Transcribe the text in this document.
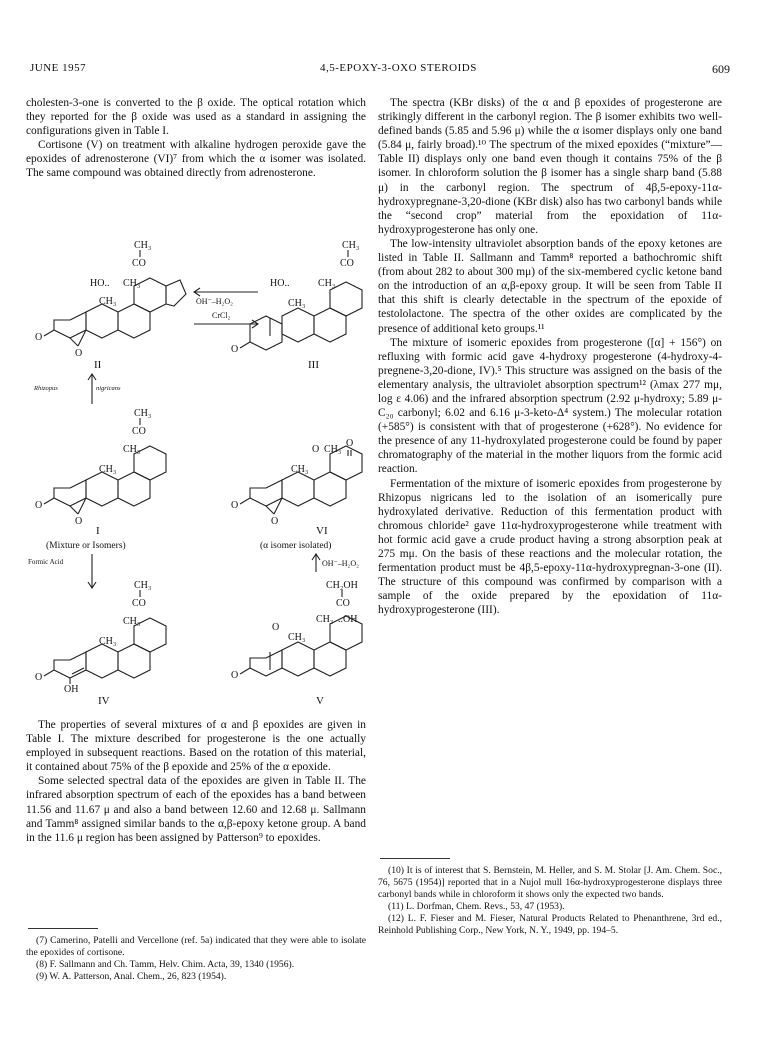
JUNE 1957	4,5-EPOXY-3-OXO STEROIDS	609

cholesten-3-one is converted to the β oxide. The optical rotation which they reported for the β oxide was used as a standard in assigning the configurations given in Table I.

Cortisone (V) on treatment with alkaline hydrogen peroxide gave the epoxides of adrenosterone (VI)⁷ from which the α isomer was isolated. The same compound was obtained directly from adrenosterone.

CH₃
CO
HO.. CH₃
CH₃
O
O
II
OH⁻–H₂O₂
CrCl₂
CH₃
CO
HO..	CH₃
CH₃
O
III
Rhizopus	nigricans
CH₃
CO
CH₃
CH₃
O
O
I
(Mixture or Isomers)
Formic Acid
O
O CH₃
CH₃
O
O
VI
(α isomer isolated)
OH⁻–H₂O₂
CH₃
CO
CH₃
CH₃
O
OH
IV
CH₂OH
CO
CH₃ ..OH
O
CH₃
O
V

The properties of several mixtures of α and β epoxides are given in Table I. The mixture described for progesterone is the one actually employed in subsequent reactions. Based on the rotation of this material, it contained about 75% of the β epoxide and 25% of the α epoxide.

Some selected spectral data of the epoxides are given in Table II. The infrared absorption spectrum of each of the epoxides has a band between 11.56 and 11.67 μ and also a band between 12.60 and 12.68 μ. Sallmann and Tamm⁸ assigned similar bands to the α,β-epoxy ketone group. A band in the 11.6 μ region has been assigned by Patterson⁹ to epoxides.

(7) Camerino, Patelli and Vercellone (ref. 5a) indicated that they were able to isolate the epoxides of cortisone.

(8) F. Sallmann and Ch. Tamm, Helv. Chim. Acta, 39, 1340 (1956).

(9) W. A. Patterson, Anal. Chem., 26, 823 (1954).

The spectra (KBr disks) of the α and β epoxides of progesterone are strikingly different in the carbonyl region. The β isomer exhibits two well-defined bands (5.85 and 5.96 μ) while the α isomer displays only one band (5.84 μ, fairly broad).¹⁰ The spectrum of the mixed epoxides (“mixture”—Table II) displays only one band even though it contains 75% of the β isomer. In chloroform solution the β isomer has a single sharp band (5.88 μ) in the carbonyl region. The spectrum of 4β,5-epoxy-11α-hydroxypregnane-3,20-dione (KBr disk) also has two carbonyl bands while the “second crop” material from the epoxidation of 11α-hydroxyprogesterone has only one.

The low-intensity ultraviolet absorption bands of the epoxy ketones are listed in Table II. Sallmann and Tamm⁸ reported a bathochromic shift (from about 282 to about 300 mμ) of the six-membered cyclic ketone band on the introduction of an α,β-epoxy group. It will be seen from Table II that this shift is clearly detectable in the spectrum of the epoxide of testololactone. The spectra of the other oxides are complicated by the presence of additional keto groups.¹¹

The mixture of isomeric epoxides from progesterone ([α] + 156°) on refluxing with formic acid gave 4-hydroxy progesterone (4-hydroxy-4-pregnene-3,20-dione, IV).⁵ This structure was assigned on the basis of the elementary analysis, the ultraviolet absorption spectrum¹² (λmax 277 mμ, log ε 4.06) and the infrared absorption spectrum (2.92 μ-hydroxy; 5.89 μ-C₂₀ carbonyl; 6.02 and 6.16 μ-3-keto-Δ⁴ system.) The molecular rotation (+585°) is consistent with that of progesterone (+628°). No evidence for the presence of any 11-hydroxylated progesterone could be found by paper chromatography of the material in the mother liquors from the formic acid reaction.

Fermentation of the mixture of isomeric epoxides from progesterone by Rhizopus nigricans led to the isolation of an isomerically pure hydroxylated derivative. Reduction of this fermentation product with chromous chloride² gave 11α-hydroxyprogesterone while treatment with hot formic acid gave a crude product having a strong absorption peak at 275 mμ. On the basis of these reactions and the molecular rotation, the fermentation product must be 4β,5-epoxy-11α-hydroxypregnan-3-one (II). The structure of this compound was confirmed by comparison with a sample of the oxide prepared by the epoxidation of 11α-hydroxyprogesterone (III).

(10) It is of interest that S. Bernstein, M. Heller, and S. M. Stolar [J. Am. Chem. Soc., 76, 5675 (1954)] reported that in a Nujol mull 16α-hydroxyprogesterone displays three carbonyl bands while in chloroform it shows only the expected two bands.

(11) L. Dorfman, Chem. Revs., 53, 47 (1953).

(12) L. F. Fieser and M. Fieser, Natural Products Related to Phenanthrene, 3rd ed., Reinhold Publishing Corp., New York, N. Y., 1949, pp. 194–5.
